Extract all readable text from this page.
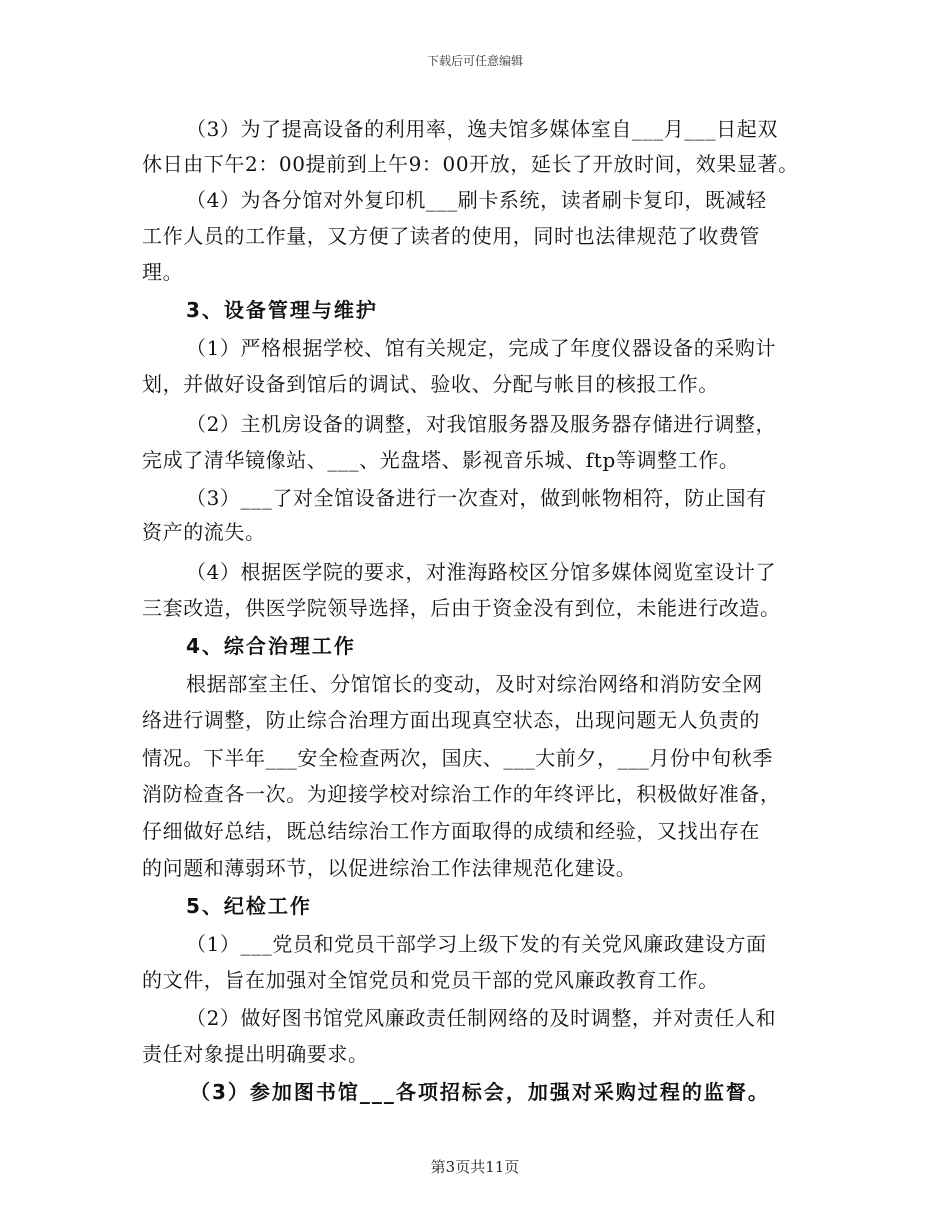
下载后可任意编辑
（3）为了提高设备的利用率，逸夫馆多媒体室自___月___日起双
休日由下午2：00提前到上午9：00开放，延长了开放时间，效果显著。
（4）为各分馆对外复印机___刷卡系统，读者刷卡复印，既减轻
工作人员的工作量，又方便了读者的使用，同时也法律规范了收费管
理。
3、设备管理与维护
（1）严格根据学校、馆有关规定，完成了年度仪器设备的采购计
划，并做好设备到馆后的调试、验收、分配与帐目的核报工作。
（2）主机房设备的调整，对我馆服务器及服务器存储进行调整，
完成了清华镜像站、___、光盘塔、影视音乐城、ftp等调整工作。
（3）___了对全馆设备进行一次查对，做到帐物相符，防止国有
资产的流失。
（4）根据医学院的要求，对淮海路校区分馆多媒体阅览室设计了
三套改造，供医学院领导选择，后由于资金没有到位，未能进行改造。
4、综合治理工作
根据部室主任、分馆馆长的变动，及时对综治网络和消防安全网
络进行调整，防止综合治理方面出现真空状态，出现问题无人负责的
情况。下半年___安全检查两次，国庆、___大前夕，___月份中旬秋季
消防检查各一次。为迎接学校对综治工作的年终评比，积极做好准备，
仔细做好总结，既总结综治工作方面取得的成绩和经验，又找出存在
的问题和薄弱环节，以促进综治工作法律规范化建设。
5、纪检工作
（1）___党员和党员干部学习上级下发的有关党风廉政建设方面
的文件，旨在加强对全馆党员和党员干部的党风廉政教育工作。
（2）做好图书馆党风廉政责任制网络的及时调整，并对责任人和
责任对象提出明确要求。
（3）参加图书馆___各项招标会，加强对采购过程的监督。
第3页共11页
